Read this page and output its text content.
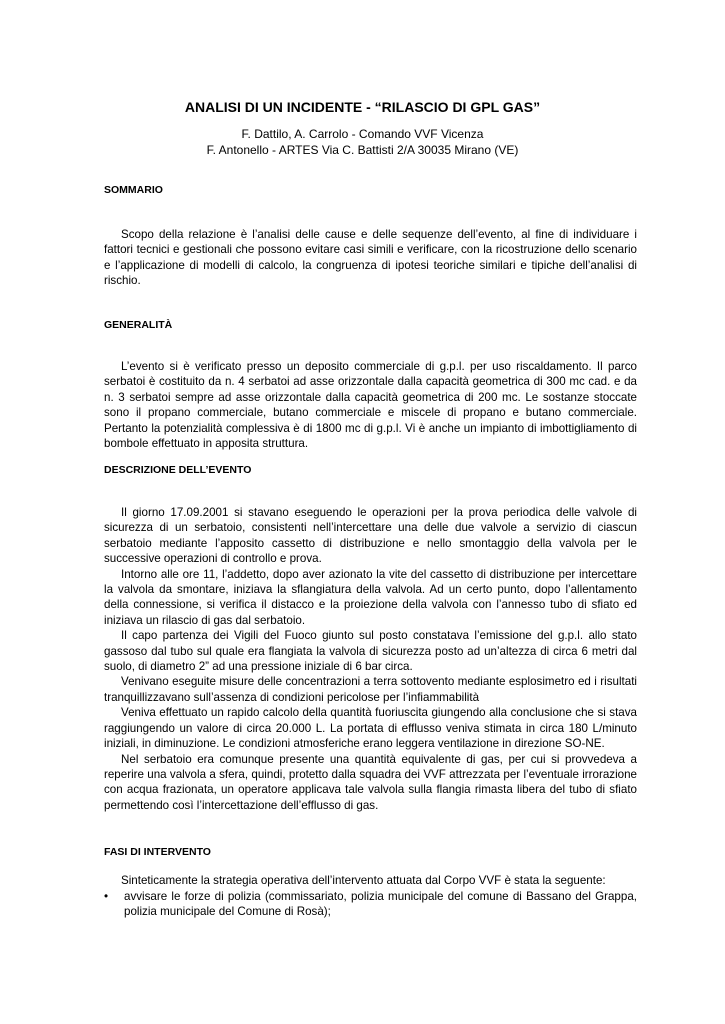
ANALISI DI UN INCIDENTE - “RILASCIO DI GPL GAS”
F. Dattilo, A. Carrolo - Comando VVF Vicenza
F. Antonello - ARTES Via C. Battisti 2/A 30035 Mirano (VE)
SOMMARIO

Scopo della relazione è l’analisi delle cause e delle sequenze dell’evento, al fine di individuare i fattori tecnici e gestionali che possono evitare casi simili e verificare, con la ricostruzione dello scenario e l’applicazione di modelli di calcolo, la congruenza di ipotesi teoriche similari e tipiche dell’analisi di rischio.

GENERALITÀ

L’evento si è verificato presso un deposito commerciale di g.p.l. per uso riscaldamento. Il parco serbatoi è costituito da n. 4 serbatoi ad asse orizzontale dalla capacità geometrica di 300 mc cad. e da n. 3 serbatoi sempre ad asse orizzontale dalla capacità geometrica di 200 mc. Le sostanze stoccate sono il propano commerciale, butano commerciale e miscele di propano e butano commerciale. Pertanto la potenzialità complessiva è di 1800 mc di g.p.l. Vi è anche un impianto di imbottigliamento di bombole effettuato in apposita struttura.

DESCRIZIONE DELL’EVENTO

Il giorno 17.09.2001 si stavano eseguendo le operazioni per la prova periodica delle valvole di sicurezza di un serbatoio, consistenti nell’intercettare una delle due valvole a servizio di ciascun serbatoio mediante l’apposito cassetto di distribuzione e nello smontaggio della valvola per le successive operazioni di controllo e prova.

Intorno alle ore 11, l’addetto, dopo aver azionato la vite del cassetto di distribuzione per intercettare la valvola da smontare, iniziava la sflangiatura della valvola. Ad un certo punto, dopo l’allentamento della connessione, si verifica il distacco e la proiezione della valvola con l’annesso tubo di sfiato ed iniziava un rilascio di gas dal serbatoio.

Il capo partenza dei Vigili del Fuoco giunto sul posto constatava l’emissione del g.p.l. allo stato gassoso dal tubo sul quale era flangiata la valvola di sicurezza posto ad un’altezza di circa 6 metri dal suolo, di diametro 2” ad una pressione iniziale di 6 bar circa.

Venivano eseguite misure delle concentrazioni a terra sottovento mediante esplosimetro ed i risultati tranquillizzavano sull’assenza di condizioni pericolose per l’infiammabilità

Veniva effettuato un rapido calcolo della quantità fuoriuscita giungendo alla conclusione che si stava raggiungendo un valore di circa 20.000 L. La portata di efflusso veniva stimata in circa 180 L/minuto iniziali, in diminuzione. Le condizioni atmosferiche erano leggera ventilazione in direzione SO-NE.

Nel serbatoio era comunque presente una quantità equivalente di gas, per cui si provvedeva a reperire una valvola a sfera, quindi, protetto dalla squadra dei VVF attrezzata per l’eventuale irrorazione con acqua frazionata, un operatore applicava tale valvola sulla flangia rimasta libera del tubo di sfiato permettendo così l’intercettazione dell’efflusso di gas.

FASI DI INTERVENTO

Sinteticamente la strategia operativa dell’intervento attuata dal Corpo VVF è stata la seguente:

• avvisare le forze di polizia (commissariato, polizia municipale del comune di Bassano del Grappa, polizia municipale del Comune di Rosà);
